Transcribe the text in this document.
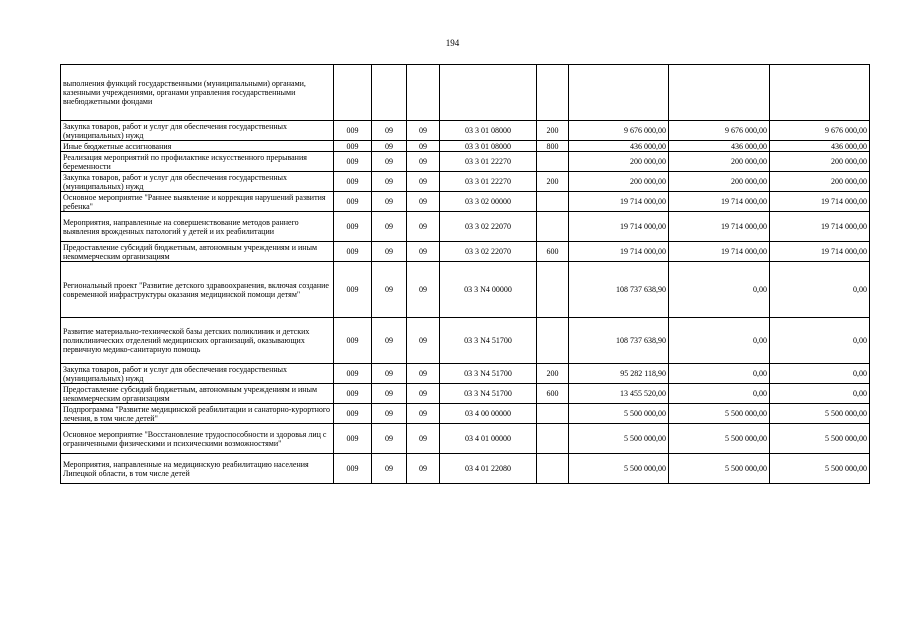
194
выполнения функций государственными (муниципальными) органами, казенными учреждениями, органами управления государственными внебюджетными фондами								
Закупка товаров, работ и услуг для обеспечения государственных (муниципальных) нужд	009	09	09	03 3 01 08000	200	9 676 000,00	9 676 000,00	9 676 000,00
Иные бюджетные ассигнования	009	09	09	03 3 01 08000	800	436 000,00	436 000,00	436 000,00
Реализация мероприятий по профилактике искусственного прерывания беременности	009	09	09	03 3 01 22270		200 000,00	200 000,00	200 000,00
Закупка товаров, работ и услуг для обеспечения государственных (муниципальных) нужд	009	09	09	03 3 01 22270	200	200 000,00	200 000,00	200 000,00
Основное мероприятие "Раннее выявление и коррекция нарушений развития ребенка"	009	09	09	03 3 02 00000		19 714 000,00	19 714 000,00	19 714 000,00
Мероприятия, направленные на совершенствование методов раннего выявления врожденных патологий у детей и их реабилитации	009	09	09	03 3 02 22070		19 714 000,00	19 714 000,00	19 714 000,00
Предоставление субсидий бюджетным, автономным учреждениям и иным некоммерческим организациям	009	09	09	03 3 02 22070	600	19 714 000,00	19 714 000,00	19 714 000,00
Региональный проект "Развитие детского здравоохранения, включая создание современной инфраструктуры оказания медицинской помощи детям"	009	09	09	03 3 N4 00000		108 737 638,90	0,00	0,00
Развитие материально-технической базы детских поликлиник и детских поликлинических отделений медицинских организаций, оказывающих первичную медико-санитарную помощь	009	09	09	03 3 N4 51700		108 737 638,90	0,00	0,00
Закупка товаров, работ и услуг для обеспечения государственных (муниципальных) нужд	009	09	09	03 3 N4 51700	200	95 282 118,90	0,00	0,00
Предоставление субсидий бюджетным, автономным учреждениям и иным некоммерческим организациям	009	09	09	03 3 N4 51700	600	13 455 520,00	0,00	0,00
Подпрограмма "Развитие медицинской реабилитации и санаторно-курортного лечения, в том числе детей"	009	09	09	03 4 00 00000		5 500 000,00	5 500 000,00	5 500 000,00
Основное мероприятие "Восстановление трудоспособности и здоровья лиц с ограниченными физическими и психическими возможностями"	009	09	09	03 4 01 00000		5 500 000,00	5 500 000,00	5 500 000,00
Мероприятия, направленные на медицинскую реабилитацию населения Липецкой области, в том числе детей	009	09	09	03 4 01 22080		5 500 000,00	5 500 000,00	5 500 000,00
